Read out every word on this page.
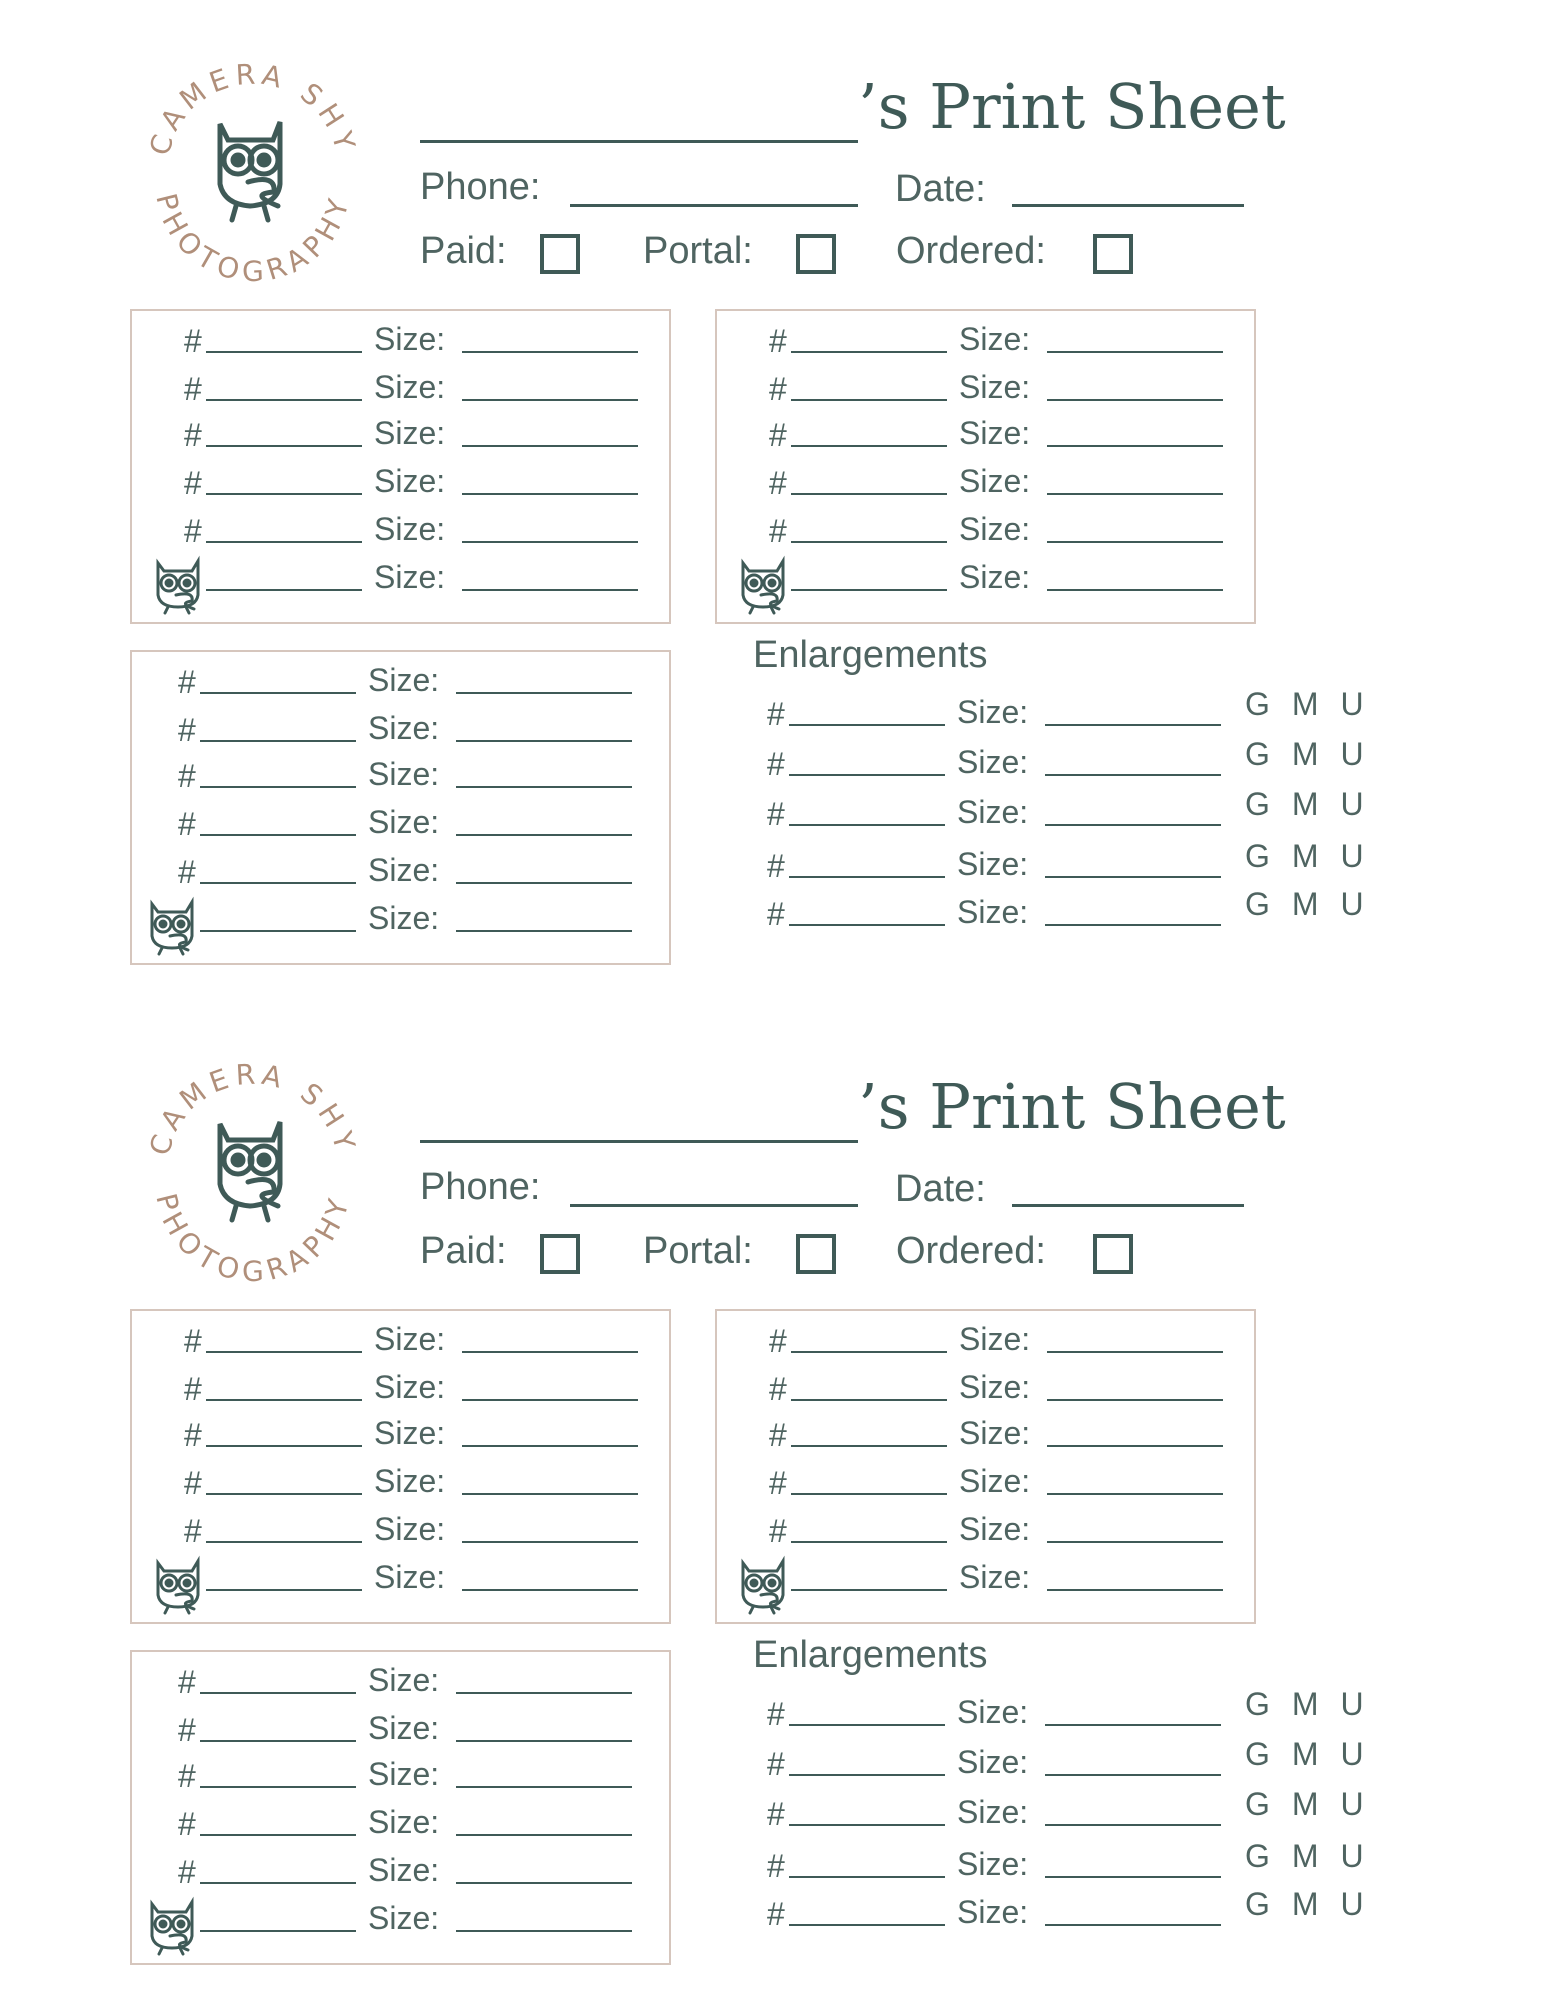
CAMERA SHY
PHOTOGRAPHY
’s Print Sheet
Phone:	Date:
Paid:	Portal:	Ordered:
#	Size:
#	Size:
#	Size:
#	Size:
#	Size:
Size:
#	Size:
#	Size:
#	Size:
#	Size:
#	Size:
Size:
#	Size:
#	Size:
#	Size:
#	Size:
#	Size:
Size:
Enlargements
#	Size:	GMU
#	Size:	GMU
#	Size:	GMU
#	Size:	GMU
#	Size:	GMU
CAMERA SHY
PHOTOGRAPHY
’s Print Sheet
Phone:	Date:
Paid:	Portal:	Ordered:
#	Size:
#	Size:
#	Size:
#	Size:
#	Size:
Size:
#	Size:
#	Size:
#	Size:
#	Size:
#	Size:
Size:
#	Size:
#	Size:
#	Size:
#	Size:
#	Size:
Size:
Enlargements
#	Size:	GMU
#	Size:	GMU
#	Size:	GMU
#	Size:	GMU
#	Size:	GMU
